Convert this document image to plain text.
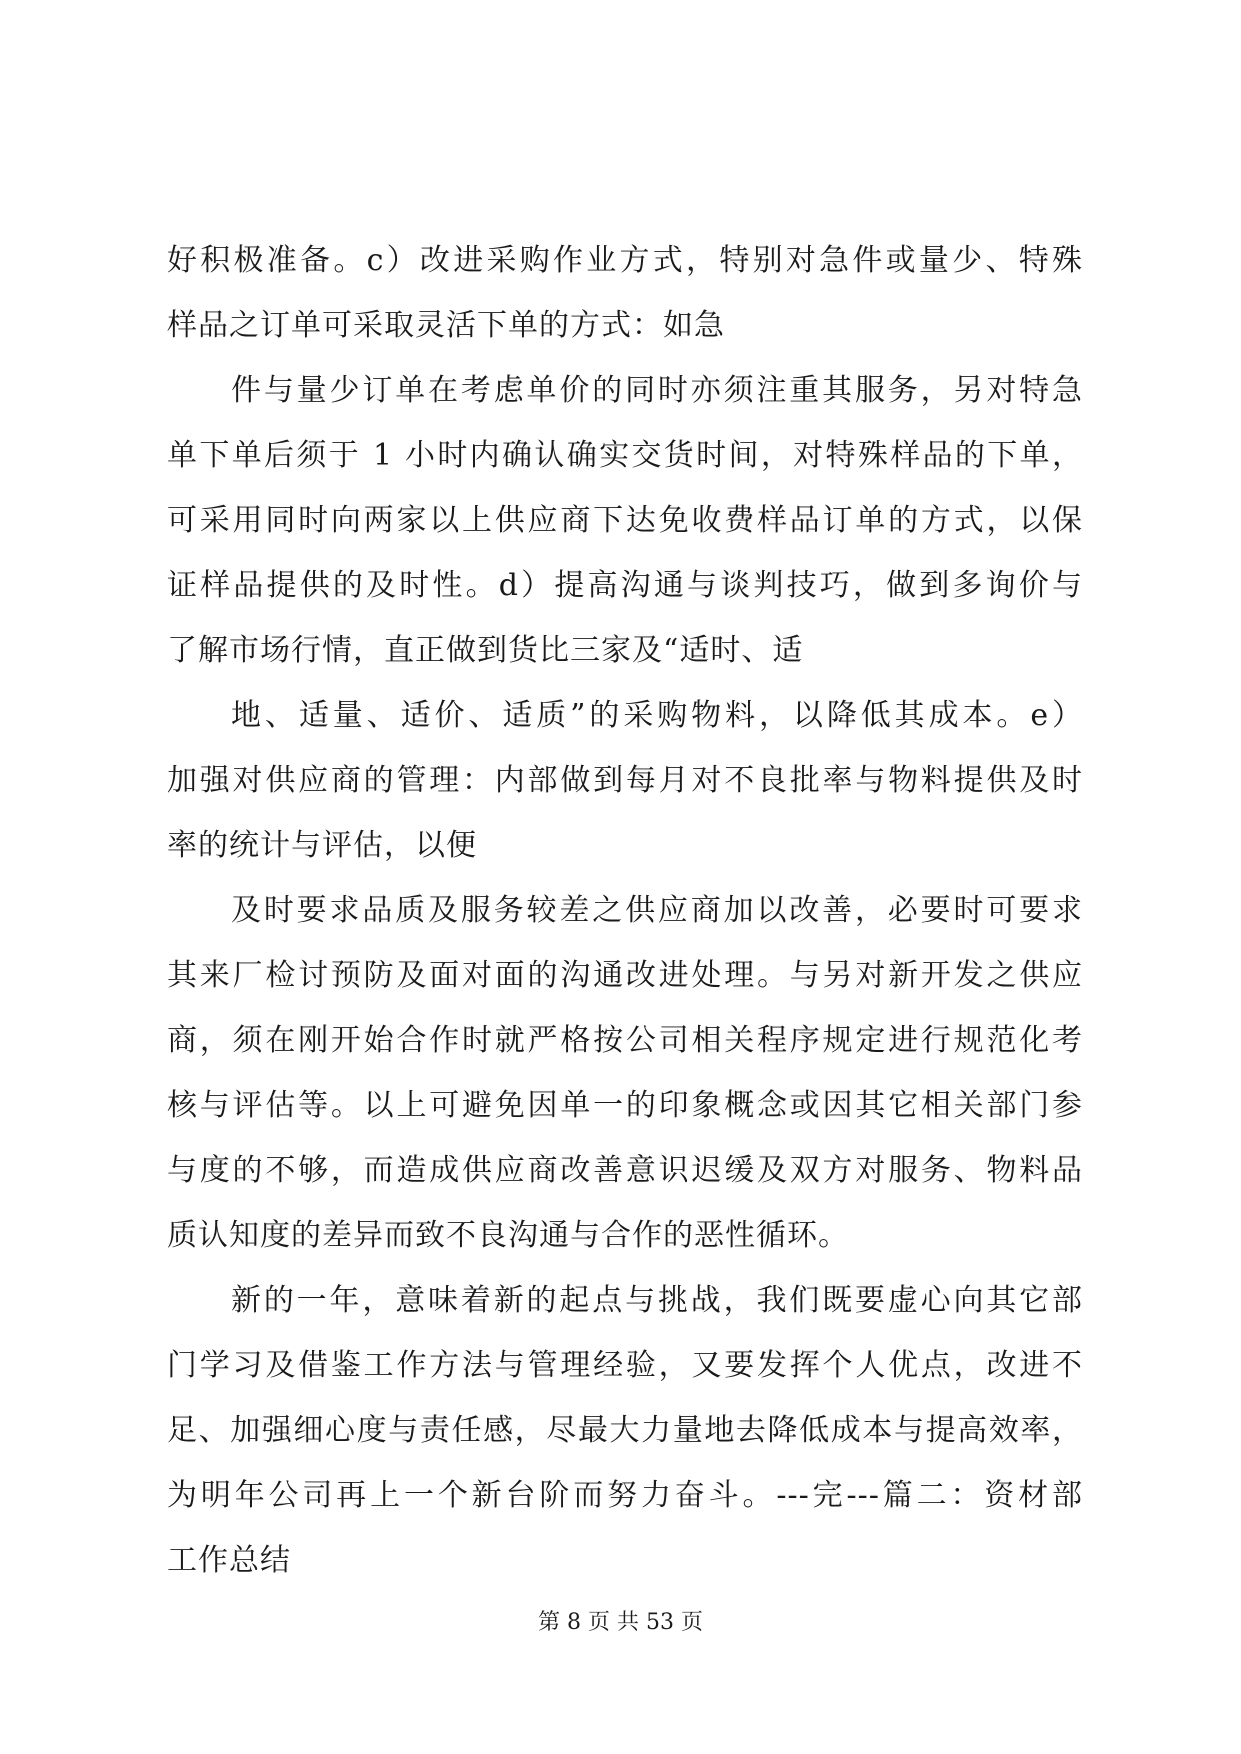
好积极准备。c）改进采购作业方式，特别对急件或量少、特殊
样品之订单可采取灵活下单的方式：如急
件与量少订单在考虑单价的同时亦须注重其服务，另对特急
单下单后须于 1 小时内确认确实交货时间，对特殊样品的下单，
可采用同时向两家以上供应商下达免收费样品订单的方式，以保
证样品提供的及时性。d）提高沟通与谈判技巧，做到多询价与
了解市场行情，直正做到货比三家及“适时、适
地、适量、适价、适质”的采购物料，以降低其成本。e）
加强对供应商的管理：内部做到每月对不良批率与物料提供及时
率的统计与评估，以便
及时要求品质及服务较差之供应商加以改善，必要时可要求
其来厂检讨预防及面对面的沟通改进处理。与另对新开发之供应
商，须在刚开始合作时就严格按公司相关程序规定进行规范化考
核与评估等。以上可避免因单一的印象概念或因其它相关部门参
与度的不够，而造成供应商改善意识迟缓及双方对服务、物料品
质认知度的差异而致不良沟通与合作的恶性循环。
新的一年，意味着新的起点与挑战，我们既要虚心向其它部
门学习及借鉴工作方法与管理经验，又要发挥个人优点，改进不
足、加强细心度与责任感，尽最大力量地去降低成本与提高效率，
为明年公司再上一个新台阶而努力奋斗。---完---篇二：资材部
工作总结
第 8 页 共 53 页
